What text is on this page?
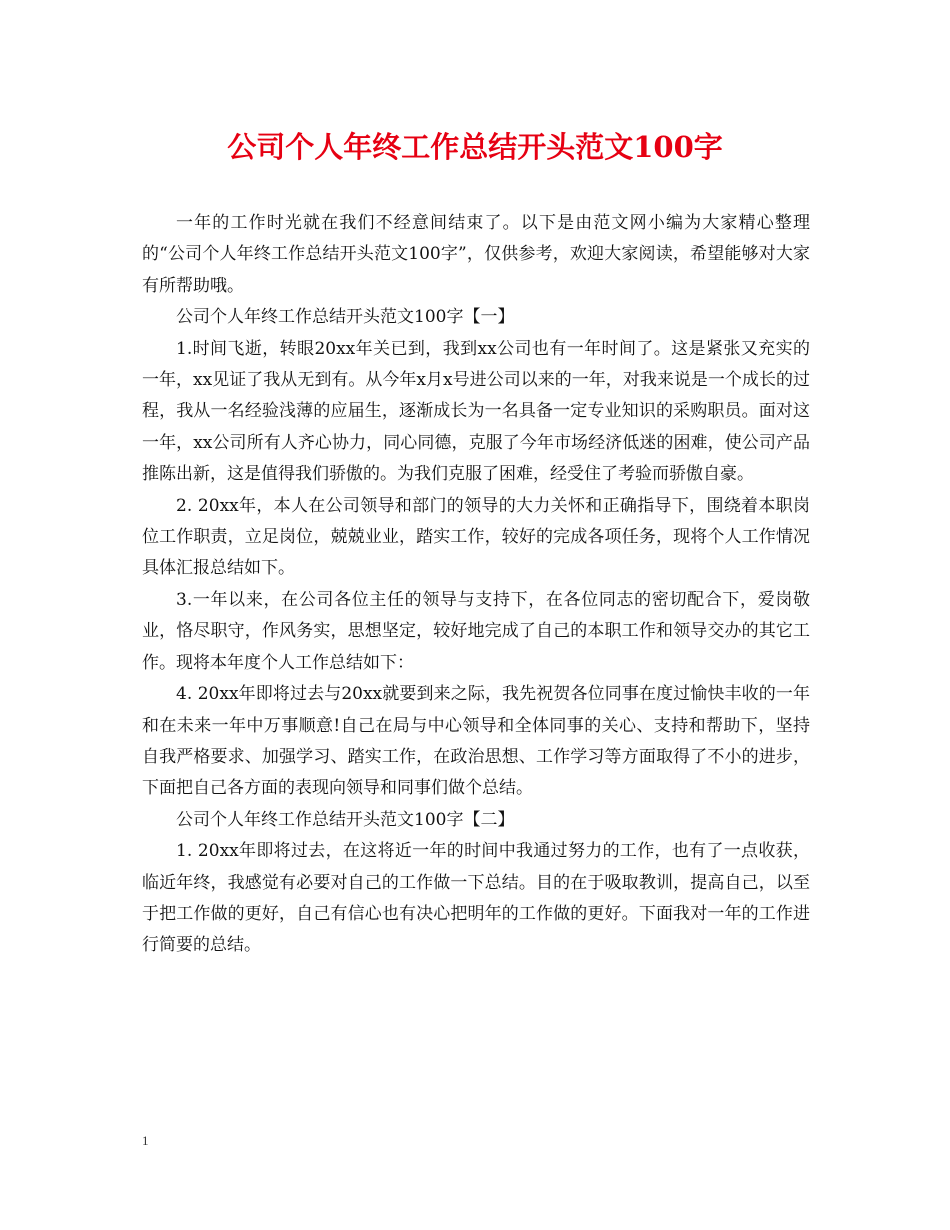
公司个人年终工作总结开头范文100字

一年的工作时光就在我们不经意间结束了。以下是由范文网小编为大家精心整理的“公司个人年终工作总结开头范文100字”，仅供参考，欢迎大家阅读，希望能够对大家有所帮助哦。

公司个人年终工作总结开头范文100字【一】

1.时间飞逝，转眼20xx年关已到，我到xx公司也有一年时间了。这是紧张又充实的一年，xx见证了我从无到有。从今年x月x号进公司以来的一年，对我来说是一个成长的过程，我从一名经验浅薄的应届生，逐渐成长为一名具备一定专业知识的采购职员。面对这一年，xx公司所有人齐心协力，同心同德，克服了今年市场经济低迷的困难，使公司产品推陈出新，这是值得我们骄傲的。为我们克服了困难，经受住了考验而骄傲自豪。

2. 20xx年，本人在公司领导和部门的领导的大力关怀和正确指导下，围绕着本职岗位工作职责，立足岗位，兢兢业业，踏实工作，较好的完成各项任务，现将个人工作情况具体汇报总结如下。

3.一年以来，在公司各位主任的领导与支持下，在各位同志的密切配合下，爱岗敬业，恪尽职守，作风务实，思想坚定，较好地完成了自己的本职工作和领导交办的其它工作。现将本年度个人工作总结如下：

4. 20xx年即将过去与20xx就要到来之际，我先祝贺各位同事在度过愉快丰收的一年和在未来一年中万事顺意!自己在局与中心领导和全体同事的关心、支持和帮助下，坚持自我严格要求、加强学习、踏实工作，在政治思想、工作学习等方面取得了不小的进步，下面把自己各方面的表现向领导和同事们做个总结。

公司个人年终工作总结开头范文100字【二】

1. 20xx年即将过去，在这将近一年的时间中我通过努力的工作，也有了一点收获，临近年终，我感觉有必要对自己的工作做一下总结。目的在于吸取教训，提高自己，以至于把工作做的更好，自己有信心也有决心把明年的工作做的更好。下面我对一年的工作进行简要的总结。

1
